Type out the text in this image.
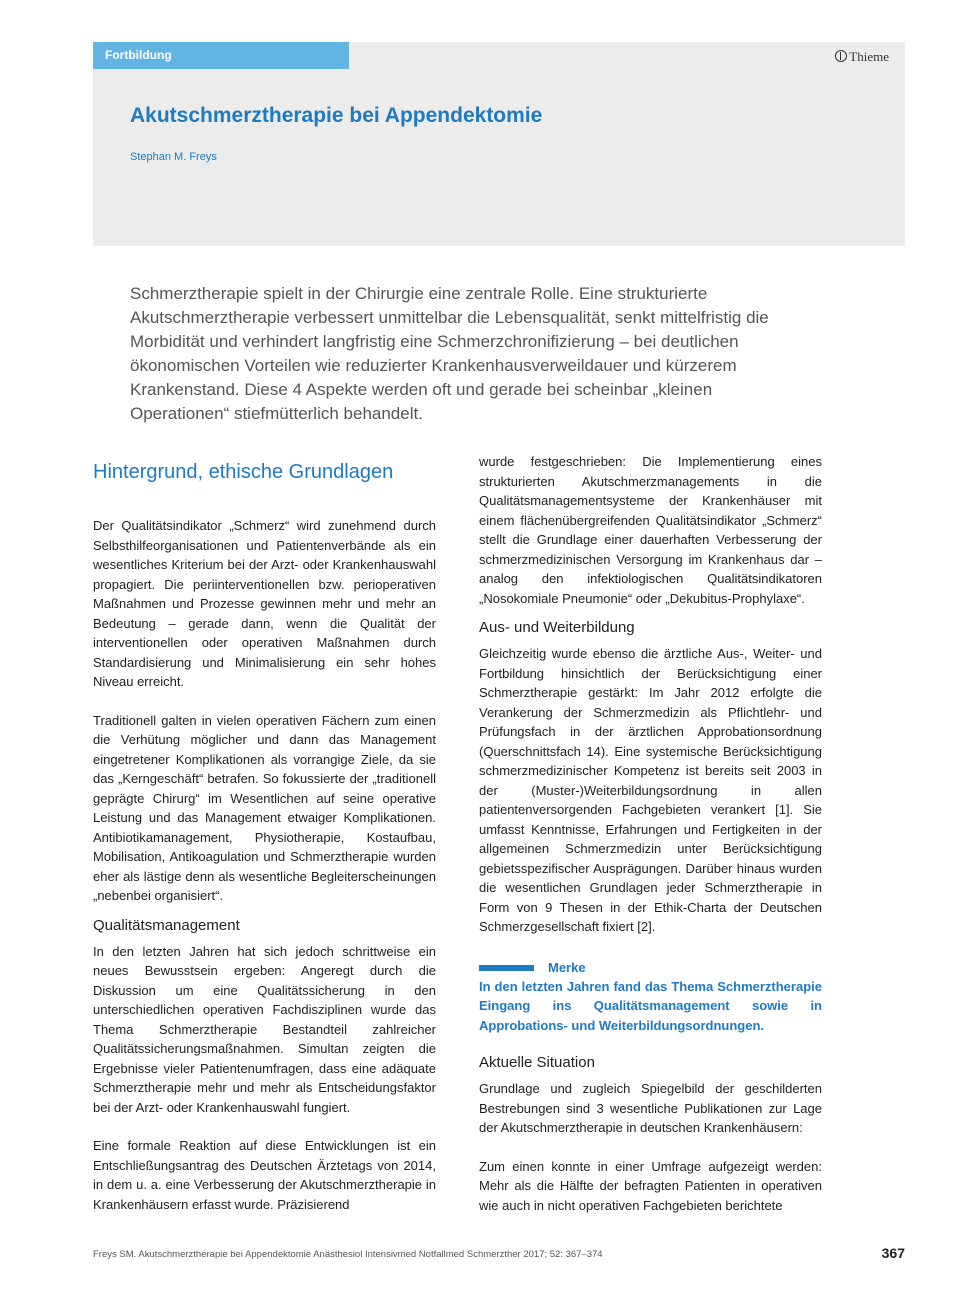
Fortbildung	Thieme
Akutschmerztherapie bei Appendektomie
Stephan M. Freys

Schmerztherapie spielt in der Chirurgie eine zentrale Rolle. Eine strukturierte Akutschmerztherapie verbessert unmittelbar die Lebensqualität, senkt mittelfristig die Morbidität und verhindert langfristig eine Schmerzchronifizierung – bei deutlichen ökonomischen Vorteilen wie reduzierter Krankenhausverweildauer und kürzerem Krankenstand. Diese 4 Aspekte werden oft und gerade bei scheinbar „kleinen Operationen“ stiefmütterlich behandelt.

Hintergrund, ethische Grundlagen

Der Qualitätsindikator „Schmerz“ wird zunehmend durch Selbsthilfeorganisationen und Patientenverbände als ein wesentliches Kriterium bei der Arzt- oder Krankenhauswahl propagiert. Die periinterventionellen bzw. perioperativen Maßnahmen und Prozesse gewinnen mehr und mehr an Bedeutung – gerade dann, wenn die Qualität der interventionellen oder operativen Maßnahmen durch Standardisierung und Minimalisierung ein sehr hohes Niveau erreicht.

Traditionell galten in vielen operativen Fächern zum einen die Verhütung möglicher und dann das Management eingetretener Komplikationen als vorrangige Ziele, da sie das „Kerngeschäft“ betrafen. So fokussierte der „traditionell geprägte Chirurg“ im Wesentlichen auf seine operative Leistung und das Management etwaiger Komplikationen. Antibiotikamanagement, Physiotherapie, Kostaufbau, Mobilisation, Antikoagulation und Schmerztherapie wurden eher als lästige denn als wesentliche Begleiterscheinungen „nebenbei organisiert“.

Qualitätsmanagement

In den letzten Jahren hat sich jedoch schrittweise ein neues Bewusstsein ergeben: Angeregt durch die Diskussion um eine Qualitätssicherung in den unterschiedlichen operativen Fachdisziplinen wurde das Thema Schmerztherapie Bestandteil zahlreicher Qualitätssicherungsmaßnahmen. Simultan zeigten die Ergebnisse vieler Patientenumfragen, dass eine adäquate Schmerztherapie mehr und mehr als Entscheidungsfaktor bei der Arzt- oder Krankenhauswahl fungiert.

Eine formale Reaktion auf diese Entwicklungen ist ein Entschließungsantrag des Deutschen Ärztetags von 2014, in dem u. a. eine Verbesserung der Akutschmerztherapie in Krankenhäusern erfasst wurde. Präzisierend

wurde festgeschrieben: Die Implementierung eines strukturierten Akutschmerzmanagements in die Qualitätsmanagementsysteme der Krankenhäuser mit einem flächenübergreifenden Qualitätsindikator „Schmerz“ stellt die Grundlage einer dauerhaften Verbesserung der schmerzmedizinischen Versorgung im Krankenhaus dar – analog den infektiologischen Qualitätsindikatoren „Nosokomiale Pneumonie“ oder „Dekubitus-Prophylaxe“.

Aus- und Weiterbildung

Gleichzeitig wurde ebenso die ärztliche Aus-, Weiter- und Fortbildung hinsichtlich der Berücksichtigung einer Schmerztherapie gestärkt: Im Jahr 2012 erfolgte die Verankerung der Schmerzmedizin als Pflichtlehr- und Prüfungsfach in der ärztlichen Approbationsordnung (Querschnittsfach 14). Eine systemische Berücksichtigung schmerzmedizinischer Kompetenz ist bereits seit 2003 in der (Muster-)Weiterbildungsordnung in allen patientenversorgenden Fachgebieten verankert [1]. Sie umfasst Kenntnisse, Erfahrungen und Fertigkeiten in der allgemeinen Schmerzmedizin unter Berücksichtigung gebietsspezifischer Ausprägungen. Darüber hinaus wurden die wesentlichen Grundlagen jeder Schmerztherapie in Form von 9 Thesen in der Ethik-Charta der Deutschen Schmerzgesellschaft fixiert [2].

Merke

In den letzten Jahren fand das Thema Schmerztherapie Eingang ins Qualitätsmanagement sowie in Approbations- und Weiterbildungsordnungen.

Aktuelle Situation

Grundlage und zugleich Spiegelbild der geschilderten Bestrebungen sind 3 wesentliche Publikationen zur Lage der Akutschmerztherapie in deutschen Krankenhäusern:

Zum einen konnte in einer Umfrage aufgezeigt werden: Mehr als die Hälfte der befragten Patienten in operativen wie auch in nicht operativen Fachgebieten berichtete

Freys SM. Akutschmerztherapie bei Appendektomie Anästhesiol Intensivmed Notfallmed Schmerzther 2017; 52: 367–374	367
